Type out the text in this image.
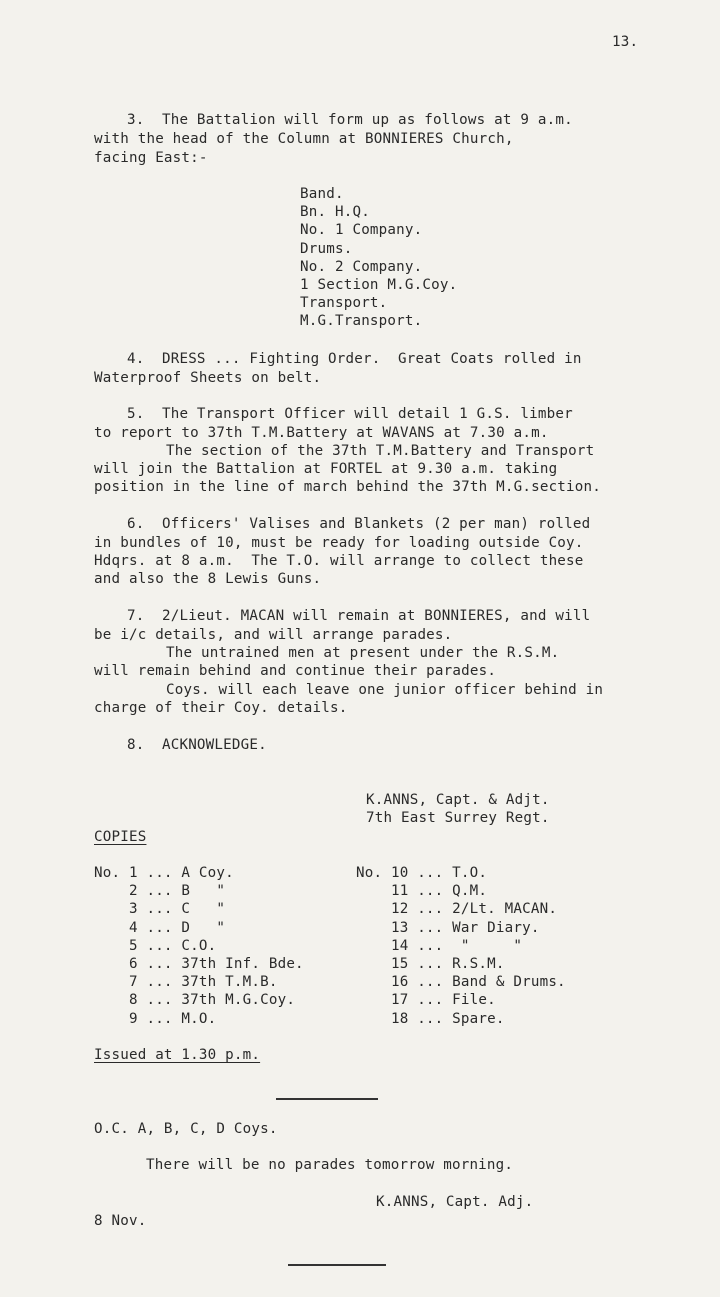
13.
3.  The Battalion will form up as follows at 9 a.m.
with the head of the Column at BONNIERES Church,
facing East:-
Band.
Bn. H.Q.
No. 1 Company.
Drums.
No. 2 Company.
1 Section M.G.Coy.
Transport.
M.G.Transport.
4.  DRESS ... Fighting Order.  Great Coats rolled in
Waterproof Sheets on belt.
5.  The Transport Officer will detail 1 G.S. limber
to report to 37th T.M.Battery at WAVANS at 7.30 a.m.
The section of the 37th T.M.Battery and Transport
will join the Battalion at FORTEL at 9.30 a.m. taking
position in the line of march behind the 37th M.G.section.
6.  Officers' Valises and Blankets (2 per man) rolled
in bundles of 10, must be ready for loading outside Coy.
Hdqrs. at 8 a.m.  The T.O. will arrange to collect these
and also the 8 Lewis Guns.
7.  2/Lieut. MACAN will remain at BONNIERES, and will
be i/c details, and will arrange parades.
The untrained men at present under the R.S.M.
will remain behind and continue their parades.
Coys. will each leave one junior officer behind in
charge of their Coy. details.
8.  ACKNOWLEDGE.
K.ANNS, Capt. & Adjt.
7th East Surrey Regt.
COPIES
No. 1 ... A Coy.
2 ... B   "
3 ... C   "
4 ... D   "
5 ... C.O.
6 ... 37th Inf. Bde.
7 ... 37th T.M.B.
8 ... 37th M.G.Coy.
9 ... M.O.
No. 10 ... T.O.
11 ... Q.M.
12 ... 2/Lt. MACAN.
13 ... War Diary.
14 ...  "     "
15 ... R.S.M.
16 ... Band & Drums.
17 ... File.
18 ... Spare.
Issued at 1.30 p.m.
O.C. A, B, C, D Coys.
There will be no parades tomorrow morning.
K.ANNS, Capt. Adj.
8 Nov.
